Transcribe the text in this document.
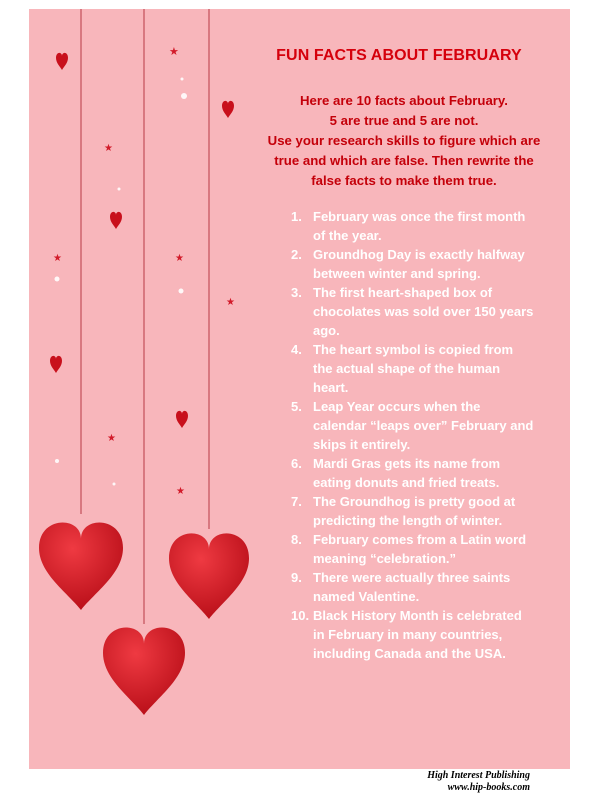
★
★
★	★
★
★
★
FUN FACTS ABOUT FEBRUARY

Here are 10 facts about February.
5 are true and 5 are not.
Use your research skills to figure which are
true and which are false. Then rewrite the
false facts to make them true.

1. February was once the first month of the year.
2. Groundhog Day is exactly halfway between winter and spring.
3. The first heart-shaped box of chocolates was sold over 150 years ago.
4. The heart symbol is copied from the actual shape of the human heart.
5. Leap Year occurs when the calendar “leaps over” February and skips it entirely.
6. Mardi Gras gets its name from eating donuts and fried treats.
7. The Groundhog is pretty good at predicting the length of winter.
8. February comes from a Latin word meaning “celebration.”
9. There were actually three saints named Valentine.
10. Black History Month is celebrated in February in many countries, including Canada and the USA.
High Interest Publishing
www.hip-books.com
